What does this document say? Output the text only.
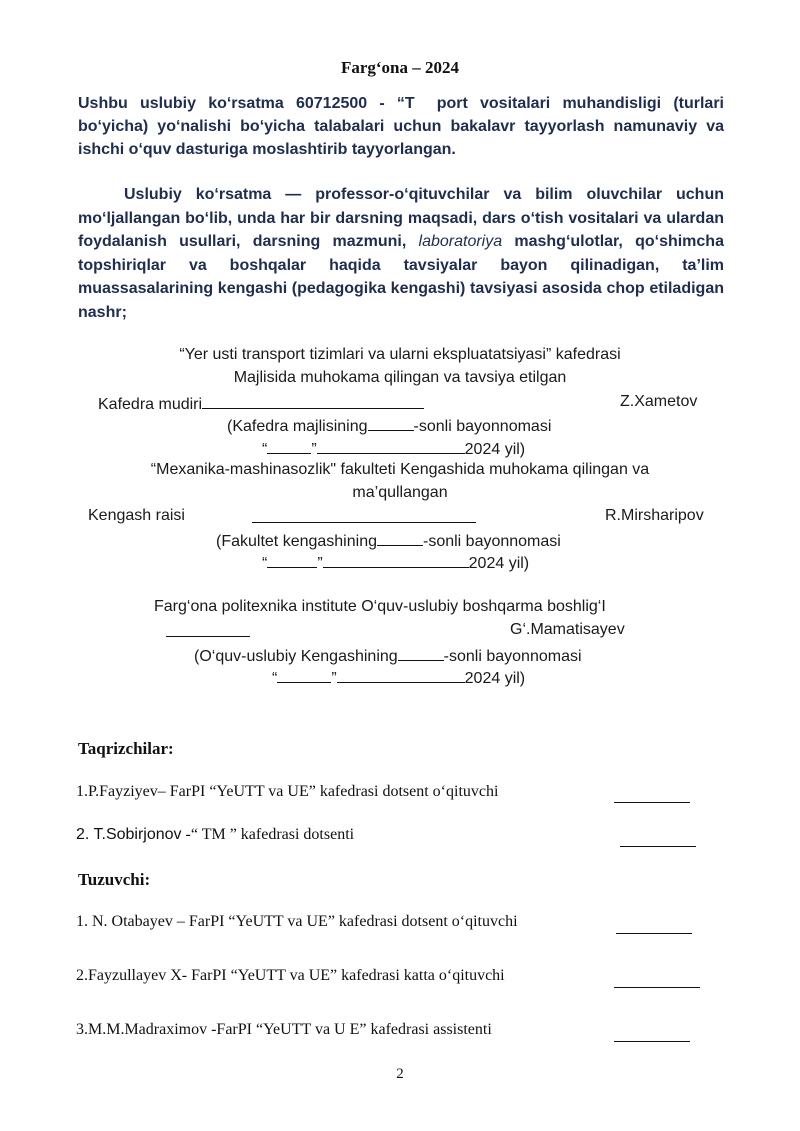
Farg‘ona – 2024
Ushbu uslubiy ko‘rsatma 60712500 - “T port vositalari muhandisligi (turlari bo‘yicha) yo‘nalishi bo‘yicha talabalari uchun bakalavr tayyorlash namunaviy va ishchi o‘quv dasturiga moslashtirib tayyorlangan.
Uslubiy ko‘rsatma — professor-o‘qituvchilar va bilim oluvchilar uchun mo‘ljallangan bo‘lib, unda har bir darsning maqsadi, dars o‘tish vositalari va ulardan foydalanish usullari, darsning mazmuni, laboratoriya mashg‘ulotlar, qo‘shimcha topshiriqlar va boshqalar haqida tavsiyalar bayon qilinadigan, ta’lim muassasalarining kengashi (pedagogika kengashi) tavsiyasi asosida chop etiladigan nashr;
“Yer usti transport tizimlari va ularni ekspluatatsiyasi” kafedrasi
Majlisida muhokama qilingan va tavsiya etilgan
Kafedra mudiri	Z.Xametov
(Kafedra majlisining	-sonli bayonnomasi
“	”	2024 yil)
“Mexanika-mashinasozlik" fakulteti Kengashida muhokama qilingan va
ma’qullangan
Kengash raisi	R.Mirsharipov
(Fakultet kengashining	-sonli bayonnomasi
“	”	2024 yil)
Farg‘ona politexnika institute O‘quv-uslubiy boshqarma boshlig‘I
G‘.Mamatisayev
(O‘quv-uslubiy Kengashining	-sonli bayonnomasi
“	”	2024 yil)
Taqrizchilar:
1.P.Fayziyev– FarPI “YeUTT va UE” kafedrasi dotsent o‘qituvchi
2. T.Sobirjonov -“ TM ” kafedrasi dotsenti
Tuzuvchi:
1. N. Otabayev – FarPI “YeUTT va UE” kafedrasi dotsent o‘qituvchi
2.Fayzullayev X- FarPI “YeUTT va UE” kafedrasi katta o‘qituvchi
3.M.M.Madraximov -FarPI “YeUTT va U E” kafedrasi assistenti
2
